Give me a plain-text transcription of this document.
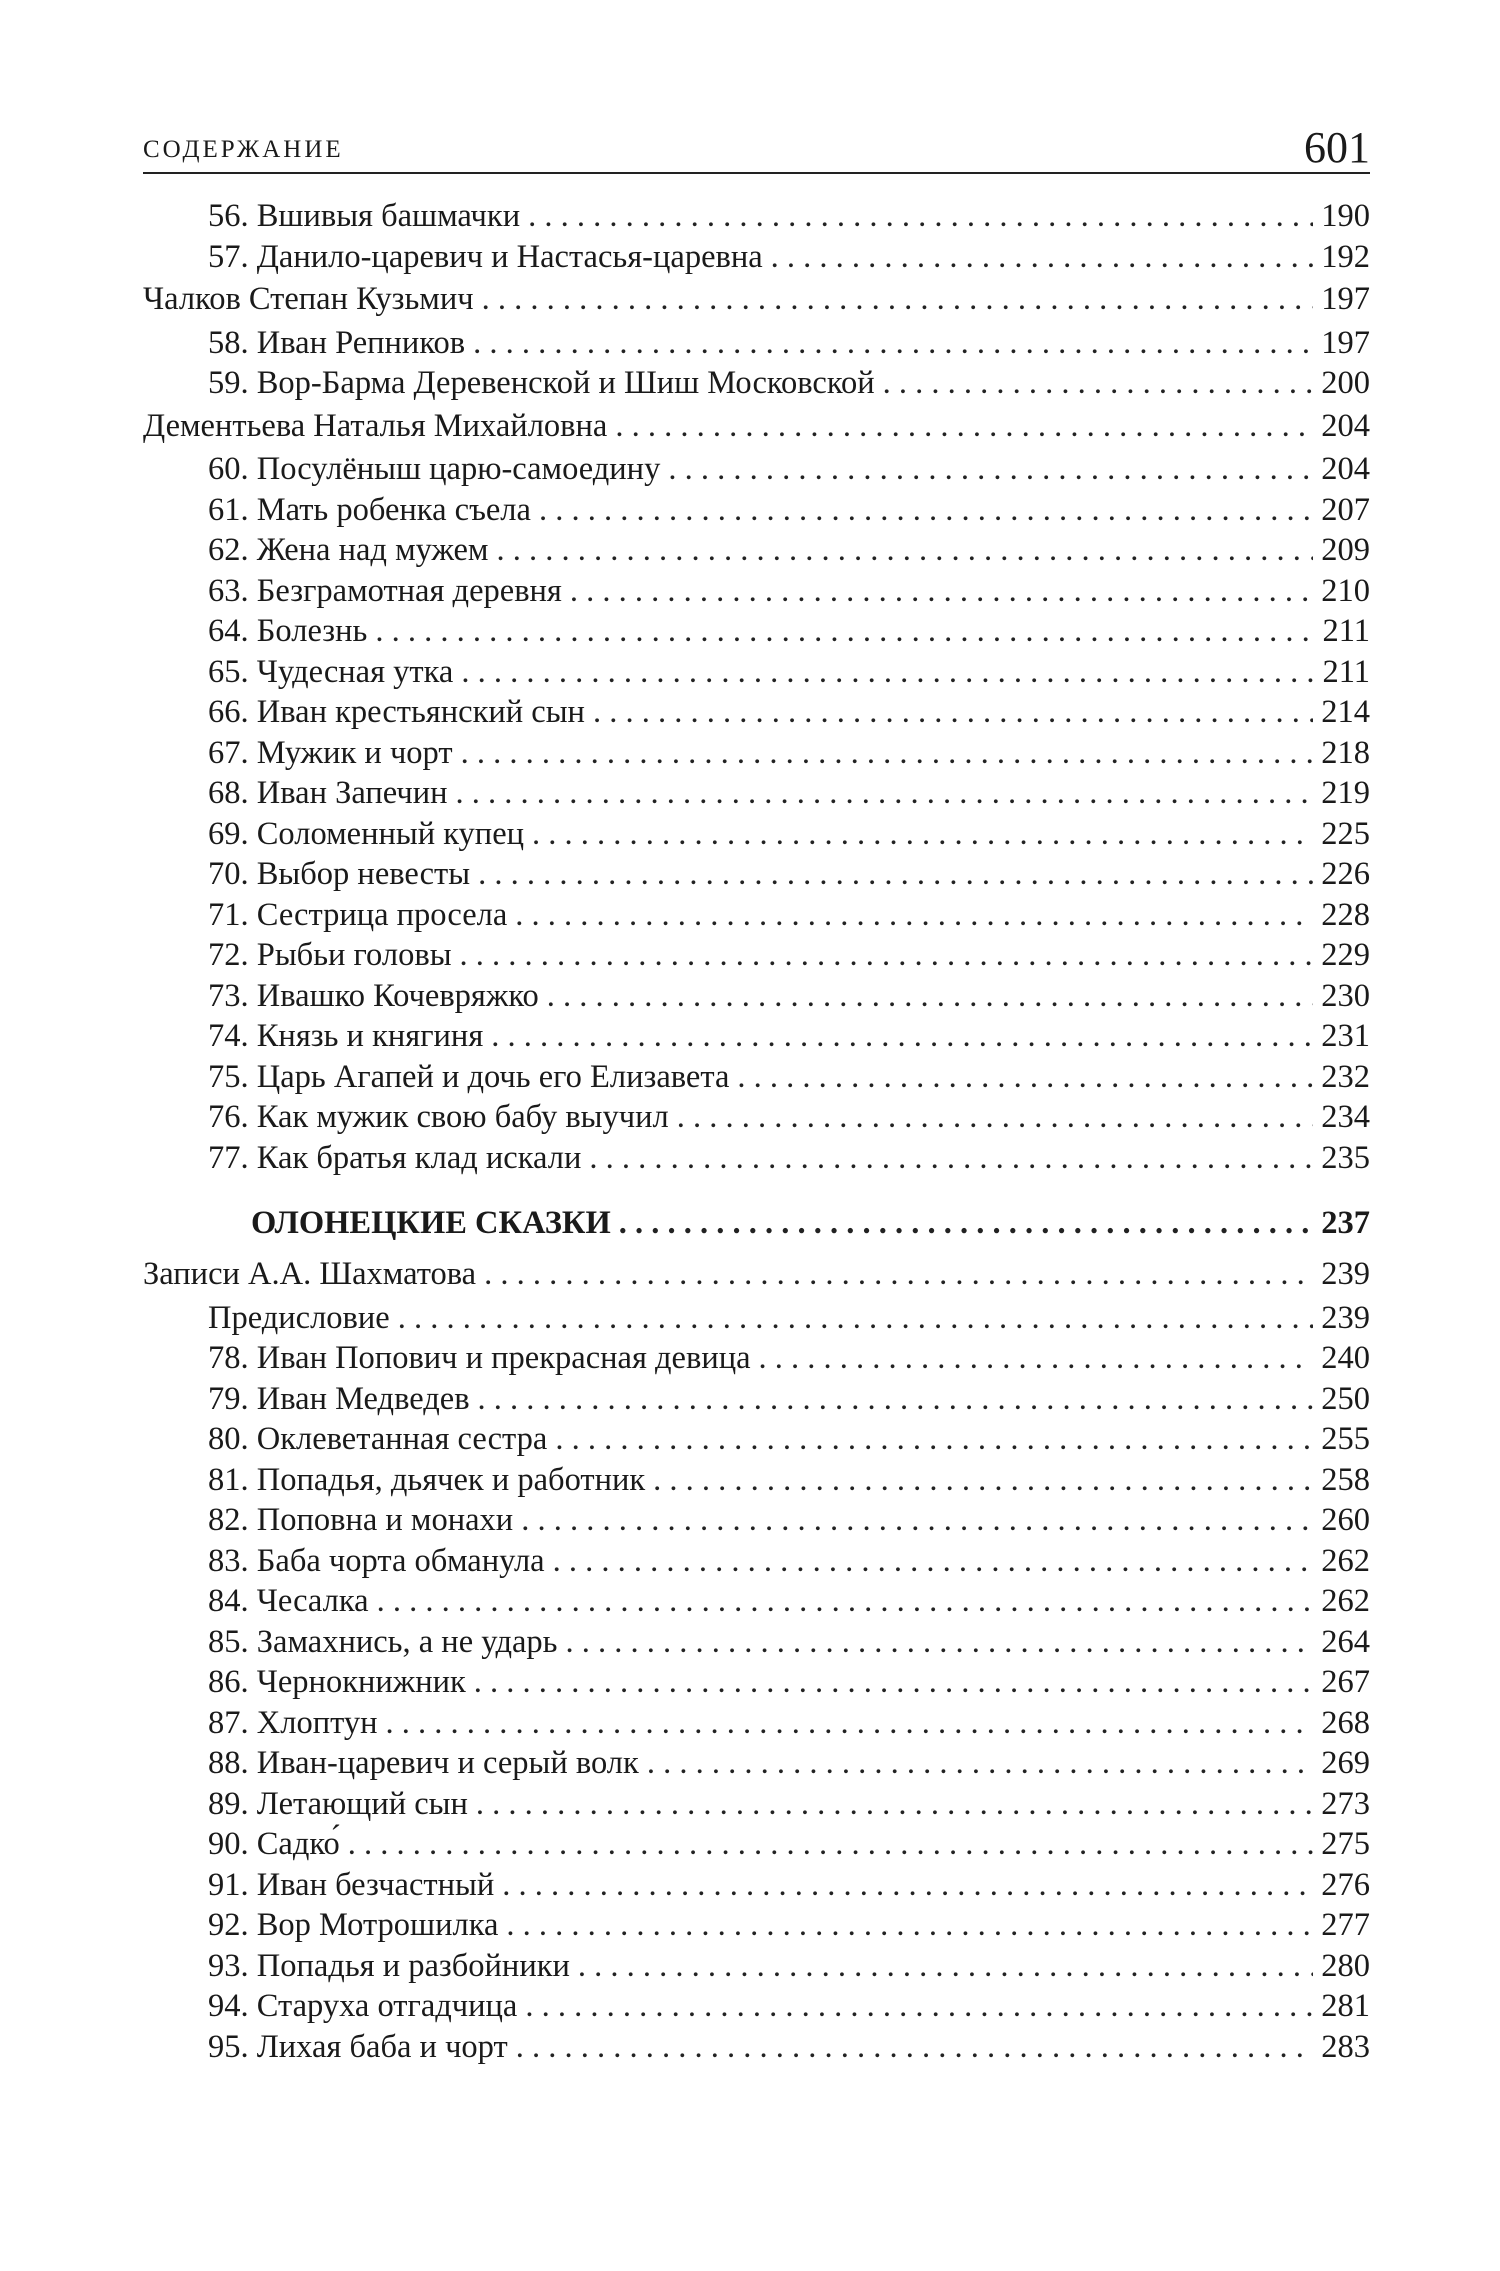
СОДЕРЖАНИЕ	601
56. Вшивыя башмачки . . .	190
57. Данило-царевич и Настасья-царевна . . .	192
Чалков Степан Кузьмич . . .	197
58. Иван Репников . . .	197
59. Вор-Барма Деревенской и Шиш Московской . . .	200
Дементьева Наталья Михайловна . . .	204
60. Посулёныш царю-самоедину . . .	204
61. Мать робенка съела . . .	207
62. Жена над мужем . . .	209
63. Безграмотная деревня . . .	210
64. Болезнь . . .	211
65. Чудесная утка . . .	211
66. Иван крестьянский сын . . .	214
67. Мужик и чорт . . .	218
68. Иван Запечин . . .	219
69. Соломенный купец . . .	225
70. Выбор невесты . . .	226
71. Сестрица просела . . .	228
72. Рыбьи головы . . .	229
73. Ивашко Кочевряжко . . .	230
74. Князь и княгиня . . .	231
75. Царь Агапей и дочь его Елизавета . . .	232
76. Как мужик свою бабу выучил . . .	234
77. Как братья клад искали . . .	235
ОЛОНЕЦКИЕ СКАЗКИ . . .	237
Записи А.А. Шахматова . . .	239
Предисловие . . .	239
78. Иван Попович и прекрасная девица . . .	240
79. Иван Медведев . . .	250
80. Оклеветанная сестра . . .	255
81. Попадья, дьячек и работник . . .	258
82. Поповна и монахи . . .	260
83. Баба чорта обманула . . .	262
84. Чесалка . . .	262
85. Замахнись, а не ударь . . .	264
86. Чернокнижник . . .	267
87. Хлоптун . . .	268
88. Иван-царевич и серый волк . . .	269
89. Летающий сын . . .	273
90. Садко́ . . .	275
91. Иван безчастный . . .	276
92. Вор Мотрошилка . . .	277
93. Попадья и разбойники . . .	280
94. Старуха отгадчица . . .	281
95. Лихая баба и чорт . . .	283
